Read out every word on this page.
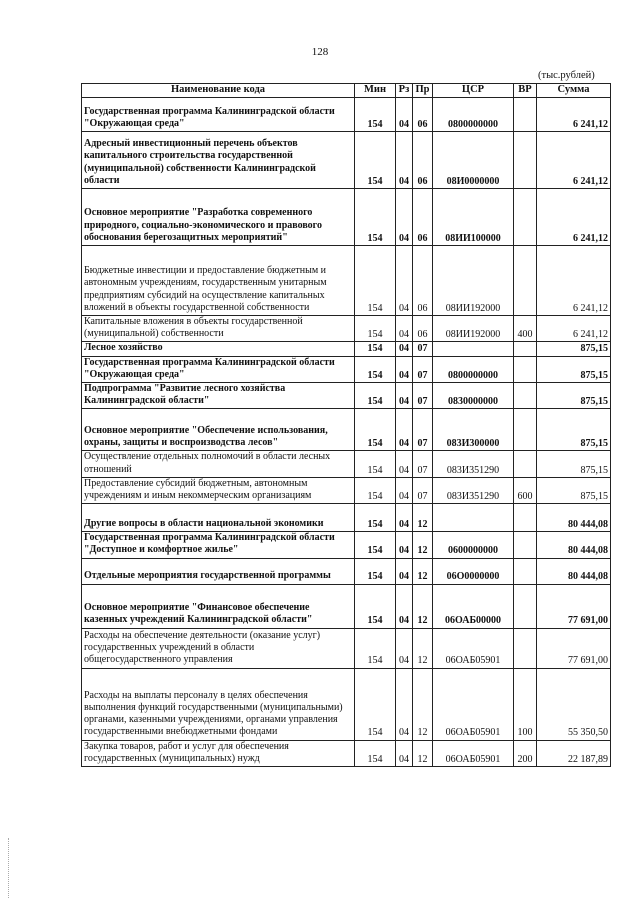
128
(тыс.рублей)
Наименование кода	Мин	Рз	Пр	ЦСР	ВР	Сумма

Государственная программа Калининградской области "Окружающая среда"	154	04	06	0800000000		6 241,12

Адресный инвестиционный перечень объектов капитального строительства государственной (муниципальной) собственности Калининградской области	154	04	06	08И0000000		6 241,12

Основное мероприятие "Разработка современного природного, социально-экономического и правового обоснования берегозащитных мероприятий"	154	04	06	08ИИ100000		6 241,12

Бюджетные инвестиции и предоставление бюджетным и автономным учреждениям, государственным унитарным предприятиям субсидий на осуществление капитальных вложений в объекты государственной собственности	154	04	06	08ИИ192000		6 241,12

Капитальные вложения в объекты государственной (муниципальной) собственности	154	04	06	08ИИ192000	400	6 241,12

Лесное хозяйство	154	04	07			875,15

Государственная программа Калининградской области "Окружающая среда"	154	04	07	0800000000		875,15

Подпрограмма "Развитие лесного хозяйства Калининградской области"	154	04	07	0830000000		875,15

Основное мероприятие "Обеспечение использования, охраны, защиты и воспроизводства лесов"	154	04	07	083И300000		875,15

Осуществление отдельных полномочий в области лесных отношений	154	04	07	083И351290		875,15

Предоставление субсидий бюджетным, автономным учреждениям и иным некоммерческим организациям	154	04	07	083И351290	600	875,15

Другие вопросы в области национальной экономики	154	04	12			80 444,08

Государственная программа Калининградской области "Доступное и комфортное жилье"	154	04	12	0600000000		80 444,08

Отдельные мероприятия государственной программы	154	04	12	06О0000000		80 444,08

Основное мероприятие "Финансовое обеспечение казенных учреждений Калининградской области"	154	04	12	06ОАБ00000		77 691,00

Расходы на обеспечение деятельности (оказание услуг) государственных учреждений в области общегосударственного управления	154	04	12	06ОАБ05901		77 691,00

Расходы на выплаты персоналу в целях обеспечения выполнения функций государственными (муниципальными) органами, казенными учреждениями, органами управления государственными внебюджетными фондами	154	04	12	06ОАБ05901	100	55 350,50

Закупка товаров, работ и услуг для обеспечения государственных (муниципальных) нужд	154	04	12	06ОАБ05901	200	22 187,89
